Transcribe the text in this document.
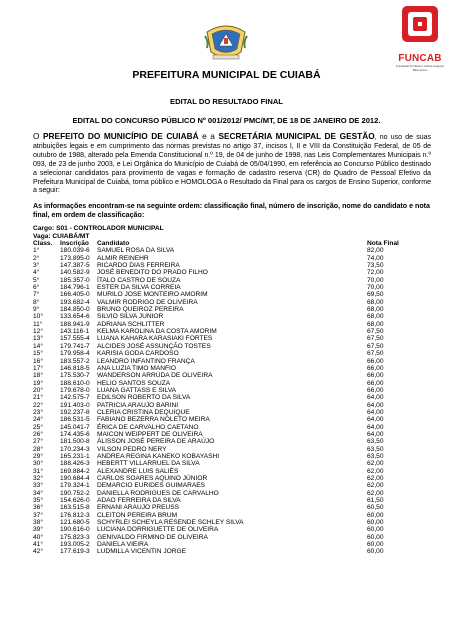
FUNCAB
Fundação Professor Carlos Augusto Bittencourt
PREFEITURA MUNICIPAL DE CUIABÁ
EDITAL DO RESULTADO FINAL
EDITAL DO CONCURSO PÚBLICO Nº 001/2012/ PMC/MT, DE 18 DE JANEIRO DE 2012.
O PREFEITO DO MUNICÍPIO DE CUIABÁ e a SECRETÁRIA MUNICIPAL DE GESTÃO, no uso de suas atribuições legais e em cumprimento das normas previstas no artigo 37, incisos I, II e VIII da Constituição Federal, de 05 de outubro de 1988, alterado pela Emenda Constitucional n.º 19, de 04 de junho de 1998, nas Leis Complementares Municipais n.º 093, de 23 de junho 2003, e Lei Orgânica do Município de Cuiabá de 05/04/1990, em referência ao Concurso Público destinado a selecionar candidatos para provimento de vagas e formação de cadastro reserva (CR) do Quadro de Pessoal Efetivo da Prefeitura Municipal de Cuiabá, torna público e HOMOLOGA o Resultado da Final para os cargos de Ensino Superior, conforme a seguir:
As informações encontram-se na seguinte ordem: classificação final, número de inscrição, nome do candidato e nota final, em ordem de classificação:
Cargo: S01 - CONTROLADOR MUNICIPAL
Vaga: CUIABÁ/MT
Class.	Inscrição	Candidato	Nota Final
1°	180.039-6	SAMUEL ROSA DA SILVA	82,00
2°	173.895-0	ALMIR REINEHR	74,00
3°	147.387-5	RICARDO DIAS FERREIRA	73,50
4°	140.582-9	JOSÉ BENEDITO DO PRADO FILHO	72,00
5°	185.357-0	ÍTALO CASTRO DE SOUZA	70,00
6°	184.796-1	ESTER DA SILVA CORREIA	70,00
7°	166.405-0	MURILO JOSE MONTEIRO AMORIM	69,50
8°	193.682-4	VALMIR RODRIGO DE OLIVEIRA	68,00
9°	184.850-0	BRUNO QUEIROZ PEREIRA	68,00
10°	133.654-6	SILVIO SILVA JUNIOR	68,00
11°	188.941-9	ADRIANA SCHLITTER	68,00
12°	143.116-1	KELMA KAROLINA DA COSTA AMORIM	67,50
13°	157.555-4	LUANA KAHARA KARASIAKI FORTES	67,50
14°	179.741-7	ALCIDES JOSÉ ASSUNÇÃO TOSTES	67,50
15°	179.958-4	KARISIA GODA CARDOSO	67,50
16°	183.557-2	LEANDRO INFANTINO FRANÇA	66,00
17°	146.818-5	ANA LUZIA TIMO MANFIO	66,00
18°	175.530-7	WANDERSON ARRUDA DE OLIVEIRA	66,00
19°	188.610-0	HELIO SANTOS SOUZA	66,00
20°	179.678-0	LUANA GATTASS E SILVA	66,00
21°	142.575-7	EDILSON ROBERTO DA SILVA	64,00
22°	191.403-0	PATRICIA ARAUJO BARINI	64,00
23°	192.237-8	CLERIA CRISTINA DEQUIQUE	64,00
24°	186.531-5	FABIANO BEZERRA NOLETO MEIRA	64,00
25°	145.041-7	ÉRICA DE CARVALHO CAETANO	64,00
26°	174.435-6	MAICON WEIPPERT DE OLIVEIRA	64,00
27°	181.500-8	ÁLISSON JOSÉ PEREIRA DE ARAÚJO	63,50
28°	170.234-3	VILSON PEDRO NERY	63,50
29°	165.231-1	ANDREA REGINA KANEKO KOBAYASHI	63,50
30°	188.426-3	HEBERTT VILLARRUEL DA SILVA	62,00
31°	169.884-2	ALEXANDRE LUIS SALIÉS	62,00
32°	190.684-4	CARLOS SOARES AQUINO JÚNIOR	62,00
33°	179.324-1	DEMARCIO EURIDES GUIMARAES	62,00
34°	190.752-2	DANIELLA RODRIGUES DE CARVALHO	62,00
35°	154.626-0	ADAO FERREIRA DA SILVA	61,50
36°	163.515-8	ERNANI ARAUJO PREUSS	60,50
37°	176.812-3	CLEITON PEREIRA BRUM	60,00
38°	121.680-5	SCHYRLEI SCHEYLA RESENDE SCHLEY SILVA	60,00
39°	190.616-0	LUCIANA DORRIGUETTE DE OLIVEIRA	60,00
40°	175.823-3	GENIVALDO FIRMINO DE OLIVEIRA	60,00
41°	193.005-2	DANIELA VIEIRA	60,00
42°	177.619-3	LUDMILLA VICENTIN JORGE	60,00
